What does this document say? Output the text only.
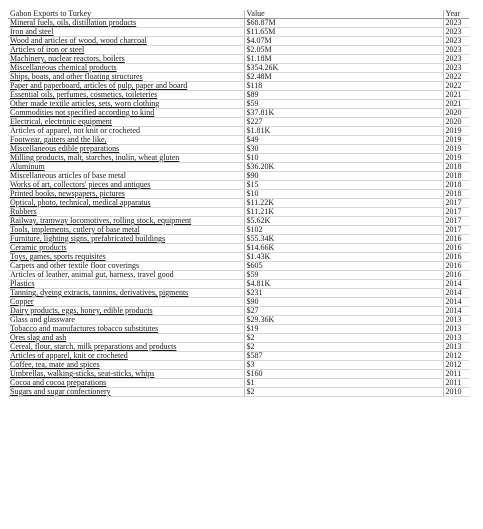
Gabon Exports to Turkey	Value	Year
Mineral fuels, oils, distillation products	$68.87M	2023
Iron and steel	$11.65M	2023
Wood and articles of wood, wood charcoal	$4.07M	2023
Articles of iron or steel	$2.05M	2023
Machinery, nuclear reactors, boilers	$1.18M	2023
Miscellaneous chemical products	$354.26K	2023
Ships, boats, and other floating structures	$2.48M	2022
Paper and paperboard, articles of pulp, paper and board	$118	2022
Essential oils, perfumes, cosmetics, toileteries	$89	2021
Other made textile articles, sets, worn clothing	$59	2021
Commodities not specified according to kind	$37.81K	2020
Electrical, electronic equipment	$227	2020
Articles of apparel, not knit or crocheted	$1.81K	2019
Footwear, gaiters and the like,	$49	2019
Miscellaneous edible preparations	$30	2019
Milling products, malt, starches, inulin, wheat gluten	$10	2019
Aluminum	$36.20K	2018
Miscellaneous articles of base metal	$90	2018
Works of art, collectors' pieces and antiques	$15	2018
Printed books, newspapers, pictures	$10	2018
Optical, photo, technical, medical apparatus	$11.22K	2017
Rubbers	$11.21K	2017
Railway, tramway locomotives, rolling stock, equipment	$5.62K	2017
Tools, implements, cutlery of base metal	$102	2017
Furniture, lighting signs, prefabricated buildings	$55.34K	2016
Ceramic products	$14.66K	2016
Toys, games, sports requisites	$1.43K	2016
Carpets and other textile floor coverings	$605	2016
Articles of leather, animal gut, harness, travel good	$59	2016
Plastics	$4.81K	2014
Tanning, dyeing extracts, tannins, derivatives, pigments	$231	2014
Copper	$90	2014
Dairy products, eggs, honey, edible products	$27	2014
Glass and glassware	$29.36K	2013
Tobacco and manufactures tobacco substitutes	$19	2013
Ores slag and ash	$2	2013
Cereal, flour, starch, milk preparations and products	$2	2013
Articles of apparel, knit or crocheted	$587	2012
Coffee, tea, mate and spices	$3	2012
Umbrellas, walking-sticks, seat-sticks, whips	$160	2011
Cocoa and cocoa preparations	$1	2011
Sugars and sugar confectionery	$2	2010
